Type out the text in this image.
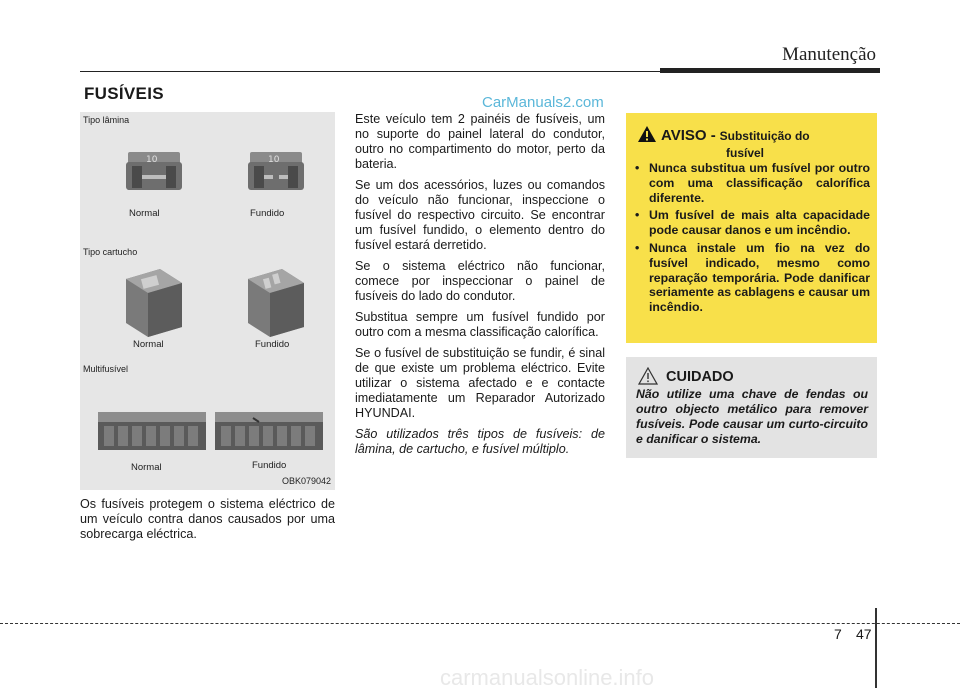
Manutenção
FUSÍVEIS	CarManuals2.com
Tipo lâmina
Tipo cartucho
Multifusível
10	10
Normal	Fundido
Normal	Fundido
Normal	Fundido
OBK079042

Os fusíveis protegem o sistema eléctrico de um veículo contra danos causados por uma sobrecarga eléctrica.

Este veículo tem 2 painéis de fusíveis, um no suporte do painel lateral do condutor, outro no compartimento do motor, perto da bateria.

Se um dos acessórios, luzes ou comandos do veículo não funcionar, inspeccione o fusível do respectivo circuito. Se encontrar um fusível fundido, o elemento dentro do fusível estará derretido.

Se o sistema eléctrico não funcionar, comece por inspeccionar o painel de fusíveis do lado do condutor.

Substitua sempre um fusível fundido por outro com a mesma classificação calorífica.

Se o fusível de substituição se fundir, é sinal de que existe um problema eléctrico. Evite utilizar o sistema afectado e e contacte imediatamente um Reparador Autorizado HYUNDAI.

São utilizados três tipos de fusíveis: de lâmina, de cartucho, e fusível múltiplo.

AVISO - Substituição do
fusível
• Nunca substitua um fusível por outro com uma classificação calorífica diferente.
• Um fusível de mais alta capacidade pode causar danos e um incêndio.
• Nunca instale um fio na vez do fusível indicado, mesmo como reparação temporária. Pode danificar seriamente as cablagens e causar um incêndio.
CUIDADO
Não utilize uma chave de fendas ou outro objecto metálico para remover fusíveis. Pode causar um curto-circuito e danificar o sistema.
7 47
carmanualsonline.info
